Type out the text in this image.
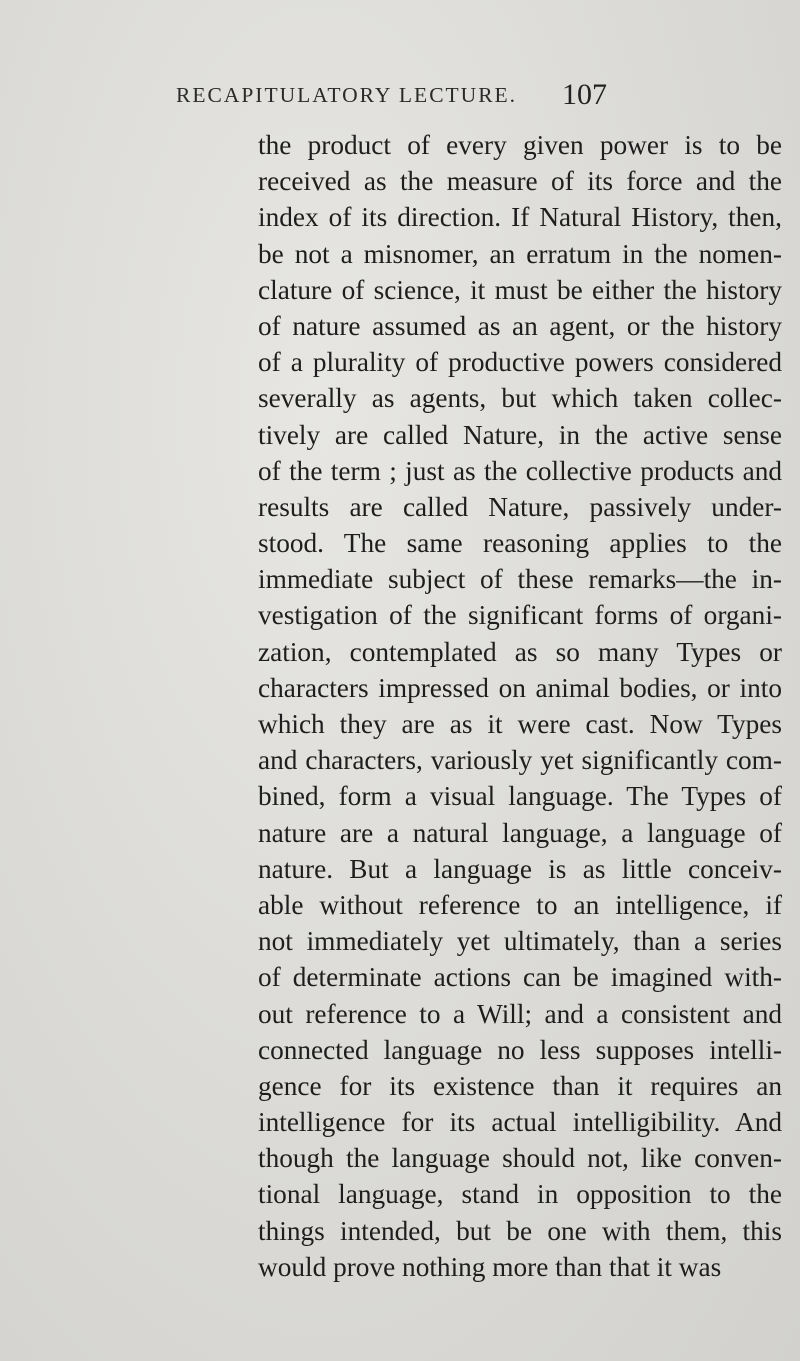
RECAPITULATORY LECTURE. 107
the product of every given power is to be
received as the measure of its force and the
index of its direction. If Natural History, then,
be not a misnomer, an erratum in the nomen-
clature of science, it must be either the history
of nature assumed as an agent, or the history
of a plurality of productive powers considered
severally as agents, but which taken collec-
tively are called Nature, in the active sense
of the term ; just as the collective products and
results are called Nature, passively under-
stood. The same reasoning applies to the
immediate subject of these remarks—the in-
vestigation of the significant forms of organi-
zation, contemplated as so many Types or
characters impressed on animal bodies, or into
which they are as it were cast. Now Types
and characters, variously yet significantly com-
bined, form a visual language. The Types of
nature are a natural language, a language of
nature. But a language is as little conceiv-
able without reference to an intelligence, if
not immediately yet ultimately, than a series
of determinate actions can be imagined with-
out reference to a Will; and a consistent and
connected language no less supposes intelli-
gence for its existence than it requires an
intelligence for its actual intelligibility. And
though the language should not, like conven-
tional language, stand in opposition to the
things intended, but be one with them, this
would prove nothing more than that it was
